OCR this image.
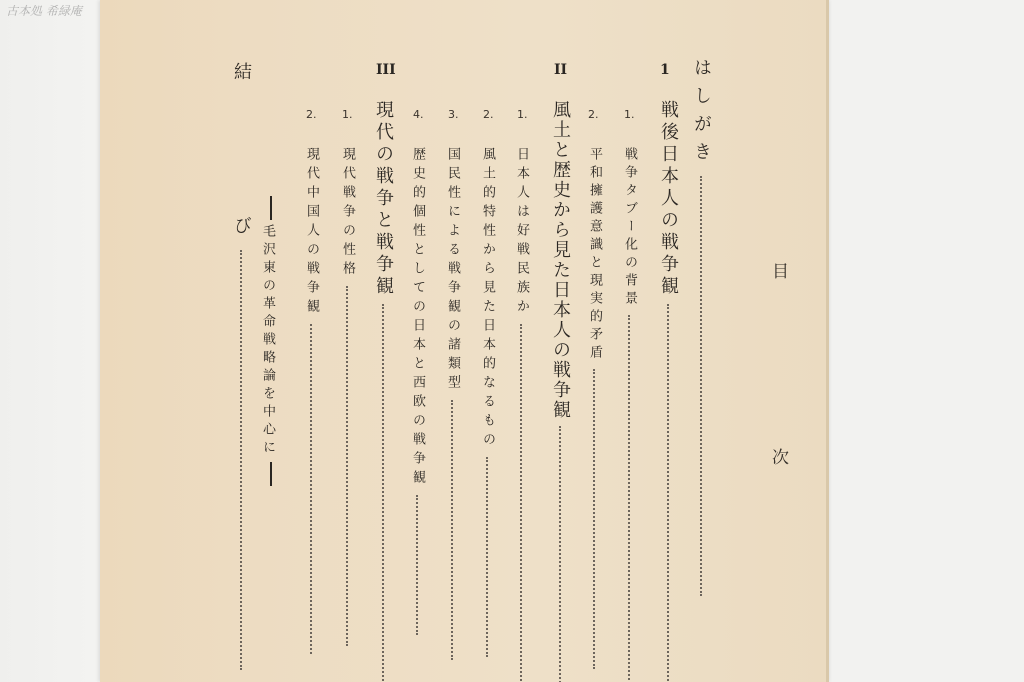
古本処 希緑庵
目
次
1 はしがき
戦後日本人の戦争観
1.
戦争タブー化の背景
2.
平和擁護意識と現実的矛盾
II
風土と歴史から見た日本人の戦争観
1.
日本人は好戦民族か
2.
風土的特性から見た日本的なるもの
3.
国民性による戦争観の諸類型
4.
歴史的個性としての日本と西欧の戦争観
III
現代の戦争と戦争観
1.
現代戦争の性格
2.
現代中国人の戦争観
毛沢東の革命戦略論を中心に
結び
